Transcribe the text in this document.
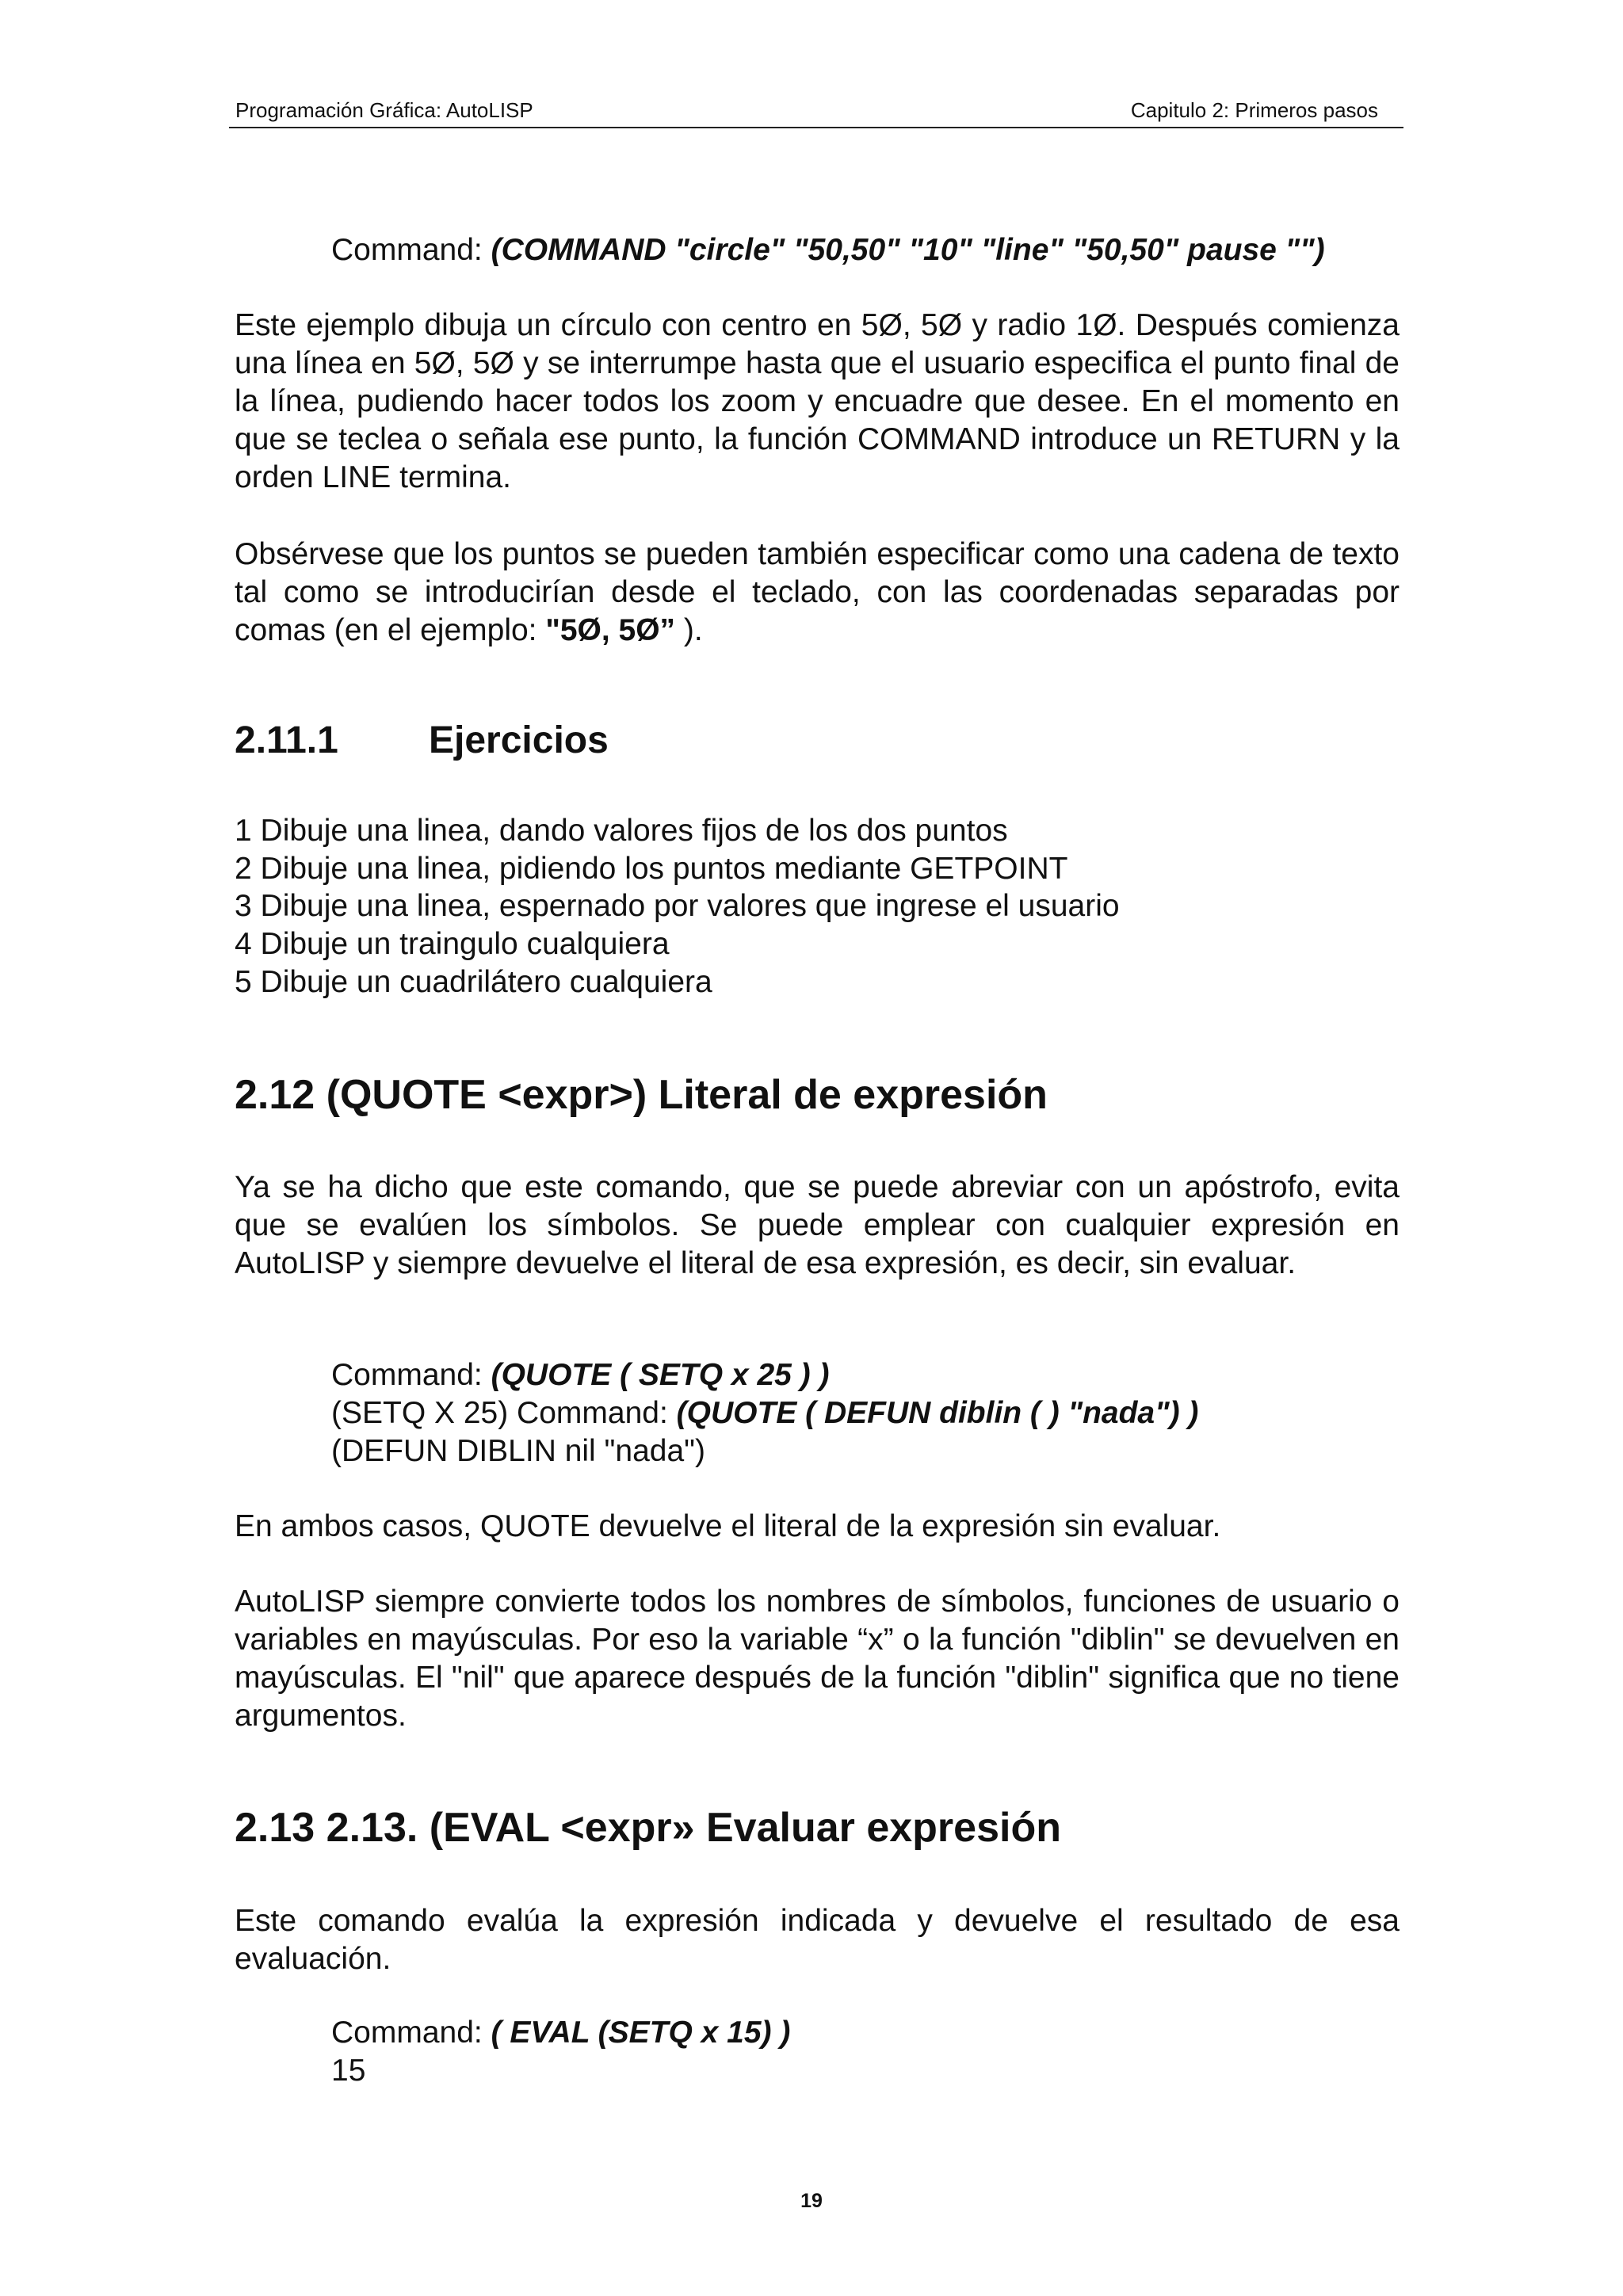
Programación Gráfica: AutoLISP	Capitulo 2: Primeros pasos
Command: (COMMAND "circle" "50,50" "10" "line" "50,50" pause "")
Este ejemplo dibuja un círculo con centro en 5Ø, 5Ø y radio 1Ø. Después comienza una línea en 5Ø, 5Ø y se interrumpe hasta que el usuario especifica el punto final de la línea, pudiendo hacer todos los zoom y encuadre que desee. En el momento en que se teclea o señala ese punto, la función COMMAND introduce un RETURN y la orden LINE termina.
Obsérvese que los puntos se pueden también especificar como una cadena de texto tal como se introducirían desde el teclado, con las coordenadas separadas por comas (en el ejemplo: "5Ø, 5Ø” ).
2.11.1 Ejercicios
1 Dibuje una linea, dando valores fijos de los dos puntos
2 Dibuje una linea, pidiendo los puntos mediante GETPOINT
3 Dibuje una linea, espernado por valores que ingrese el usuario
4 Dibuje un traingulo cualquiera
5 Dibuje un cuadrilátero cualquiera
2.12 (QUOTE <expr>) Literal de expresión
Ya se ha dicho que este comando, que se puede abreviar con un apóstrofo, evita que se evalúen los símbolos. Se puede emplear con cualquier expresión en AutoLISP y siempre devuelve el literal de esa expresión, es decir, sin evaluar.
Command: (QUOTE ( SETQ x 25 ) )
(SETQ X 25) Command: (QUOTE ( DEFUN diblin ( ) "nada") )
(DEFUN DIBLIN nil "nada")
En ambos casos, QUOTE devuelve el literal de la expresión sin evaluar.
AutoLISP siempre convierte todos los nombres de símbolos, funciones de usuario o variables en mayúsculas. Por eso la variable “x” o la función "diblin" se devuelven en mayúsculas. El "nil" que aparece después de la función "diblin" significa que no tiene argumentos.
2.13 2.13. (EVAL <expr» Evaluar expresión
Este comando evalúa la expresión indicada y devuelve el resultado de esa evaluación.
Command: ( EVAL (SETQ x 15) )
15
19
